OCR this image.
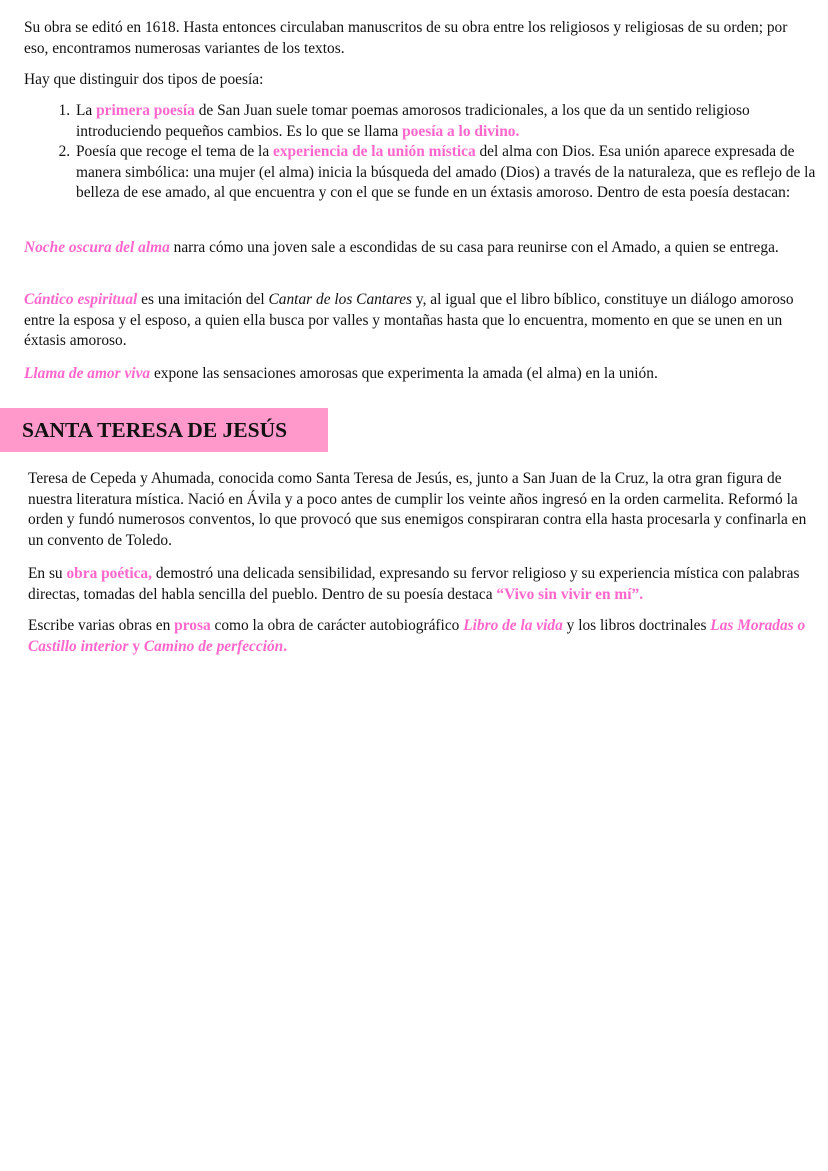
Su obra se editó en 1618. Hasta entonces circulaban manuscritos de su obra entre los religiosos y religiosas de su orden; por eso, encontramos numerosas variantes de los textos.

Hay que distinguir dos tipos de poesía:

1. La primera poesía de San Juan suele tomar poemas amorosos tradicionales, a los que da un sentido religioso introduciendo pequeños cambios. Es lo que se llama poesía a lo divino.
2. Poesía que recoge el tema de la experiencia de la unión mística del alma con Dios. Esa unión aparece expresada de manera simbólica: una mujer (el alma) inicia la búsqueda del amado (Dios) a través de la naturaleza, que es reflejo de la belleza de ese amado, al que encuentra y con el que se funde en un éxtasis amoroso. Dentro de esta poesía destacan:

Noche oscura del alma narra cómo una joven sale a escondidas de su casa para reunirse con el Amado, a quien se entrega.

Cántico espiritual es una imitación del Cantar de los Cantares y, al igual que el libro bíblico, constituye un diálogo amoroso entre la esposa y el esposo, a quien ella busca por valles y montañas hasta que lo encuentra, momento en que se unen en un éxtasis amoroso.

Llama de amor viva expone las sensaciones amorosas que experimenta la amada (el alma) en la unión.

SANTA TERESA DE JESÚS

Teresa de Cepeda y Ahumada, conocida como Santa Teresa de Jesús, es, junto a San Juan de la Cruz, la otra gran figura de nuestra literatura mística. Nació en Ávila y a poco antes de cumplir los veinte años ingresó en la orden carmelita. Reformó la orden y fundó numerosos conventos, lo que provocó que sus enemigos conspiraran contra ella hasta procesarla y confinarla en un convento de Toledo.

En su obra poética, demostró una delicada sensibilidad, expresando su fervor religioso y su experiencia mística con palabras directas, tomadas del habla sencilla del pueblo. Dentro de su poesía destaca “Vivo sin vivir en mí”.

Escribe varias obras en prosa como la obra de carácter autobiográfico Libro de la vida y los libros doctrinales Las Moradas o Castillo interior y Camino de perfección.
